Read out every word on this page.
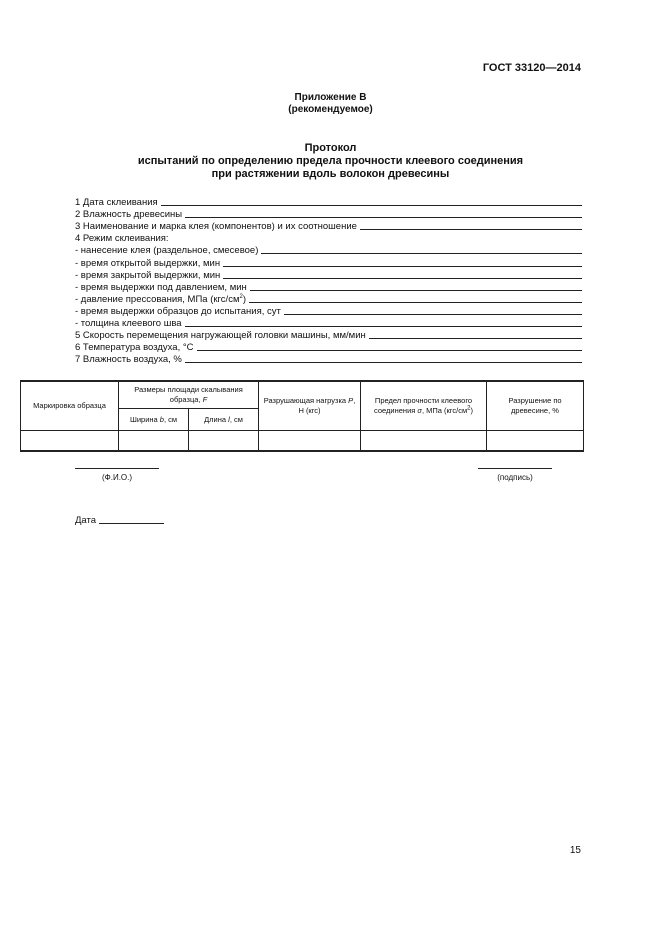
ГОСТ 33120—2014
Приложение В
(рекомендуемое)
Протокол
испытаний по определению предела прочности клеевого соединения
при растяжении вдоль волокон древесины
1 Дата склеивания
2 Влажность древесины
3 Наименование и марка клея (компонентов) и их соотношение
4 Режим склеивания:
- нанесение клея (раздельное, смесевое)
- время открытой выдержки, мин
- время закрытой выдержки, мин
- время выдержки под давлением, мин
- давление прессования, МПа $(кгс/см^2)$
- время выдержки образцов до испытания, сут
- толщина клеевого шва
5 Скорость перемещения нагружающей головки машины, мм/мин
6 Температура воздуха, °С
7 Влажность воздуха, %
Маркировка образца	Размеры площади скалывания образца, F		Разрушающая нагрузка Р, Н (кгс)	Предел прочности клеевого соединения σ, МПа $(кгс/см^2)$	Разрушение по древесине, %
	Ширина b, см	Длина l, см			

(Ф.И.О.)	(подпись)
Дата
15
